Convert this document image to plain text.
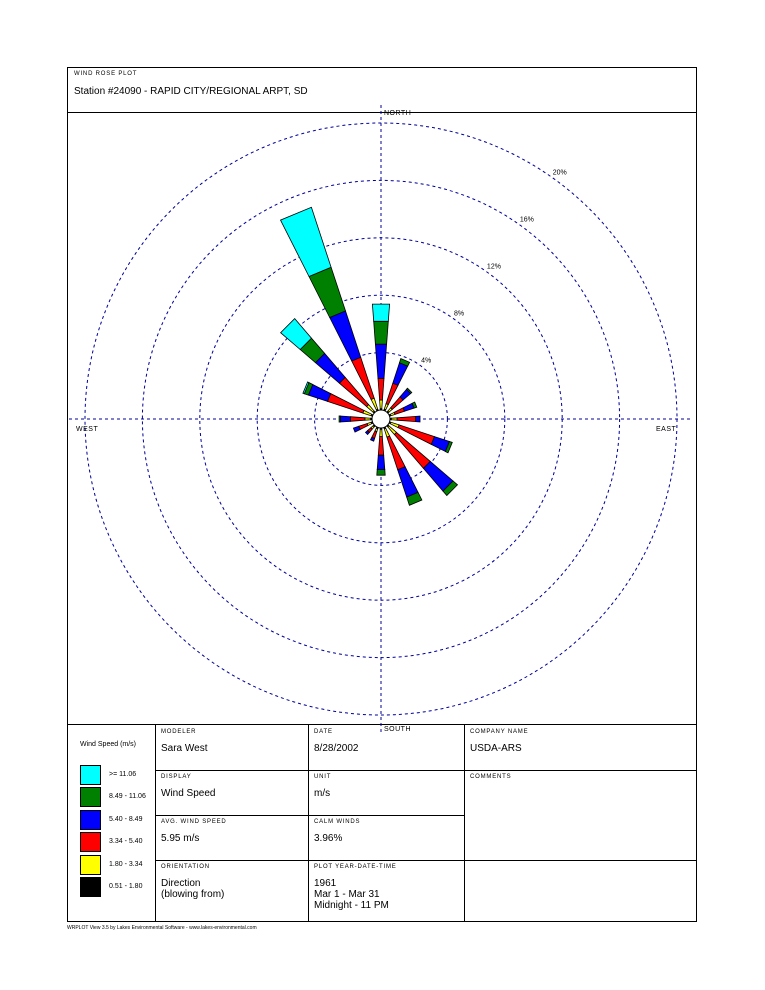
WIND ROSE PLOT
Station #24090 - RAPID CITY/REGIONAL ARPT, SD
4%
8%
12%
16%
20%
NORTH
SOUTH
EAST
WEST
Wind Speed (m/s)
>= 11.06
8.49 - 11.06
5.40 - 8.49
3.34 - 5.40
1.80 - 3.34
0.51 - 1.80
MODELER
Sara West
DATE
8/28/2002
COMPANY NAME
USDA-ARS
DISPLAY
Wind Speed
UNIT
m/s
COMMENTS
AVG. WIND SPEED
5.95 m/s
CALM WINDS
3.96%
ORIENTATION
Direction
(blowing from)
PLOT YEAR-DATE-TIME
1961
Mar 1 - Mar 31
Midnight - 11 PM
WRPLOT View 3.5 by Lakes Environmental Software - www.lakes-environmental.com
